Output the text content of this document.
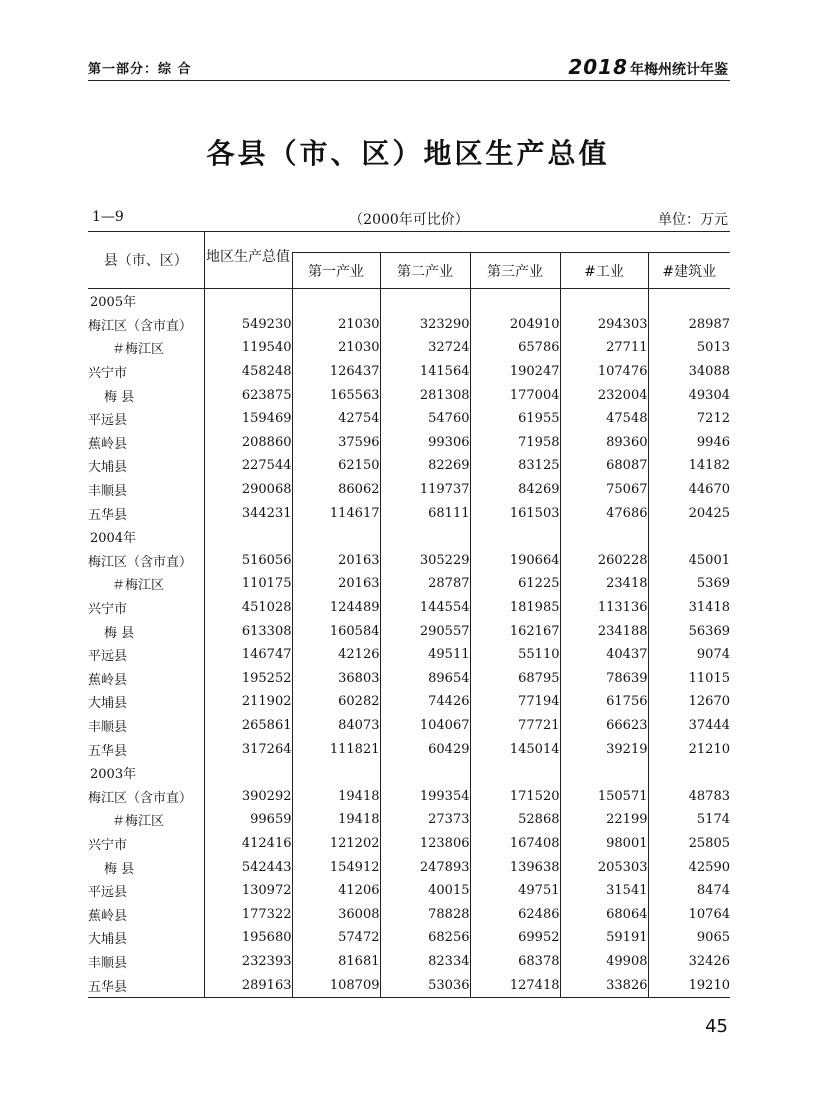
第一部分：综 合	2018 年梅州统计年鉴
各县（市、区）地区生产总值
1—9	（2000年可比价）	单位：万元
县（市、区）	地区生产总值					
		第一产业	第二产业	第三产业	#工业	#建筑业
2005年						
梅江区（含市直）	549230	21030	323290	204910	294303	28987
＃梅江区	119540	21030	32724	65786	27711	5013
兴宁市	458248	126437	141564	190247	107476	34088
梅 县	623875	165563	281308	177004	232004	49304
平远县	159469	42754	54760	61955	47548	7212
蕉岭县	208860	37596	99306	71958	89360	9946
大埔县	227544	62150	82269	83125	68087	14182
丰顺县	290068	86062	119737	84269	75067	44670
五华县	344231	114617	68111	161503	47686	20425
2004年						
梅江区（含市直）	516056	20163	305229	190664	260228	45001
＃梅江区	110175	20163	28787	61225	23418	5369
兴宁市	451028	124489	144554	181985	113136	31418
梅 县	613308	160584	290557	162167	234188	56369
平远县	146747	42126	49511	55110	40437	9074
蕉岭县	195252	36803	89654	68795	78639	11015
大埔县	211902	60282	74426	77194	61756	12670
丰顺县	265861	84073	104067	77721	66623	37444
五华县	317264	111821	60429	145014	39219	21210
2003年						
梅江区（含市直）	390292	19418	199354	171520	150571	48783
＃梅江区	99659	19418	27373	52868	22199	5174
兴宁市	412416	121202	123806	167408	98001	25805
梅 县	542443	154912	247893	139638	205303	42590
平远县	130972	41206	40015	49751	31541	8474
蕉岭县	177322	36008	78828	62486	68064	10764
大埔县	195680	57472	68256	69952	59191	9065
丰顺县	232393	81681	82334	68378	49908	32426
五华县	289163	108709	53036	127418	33826	19210
45
